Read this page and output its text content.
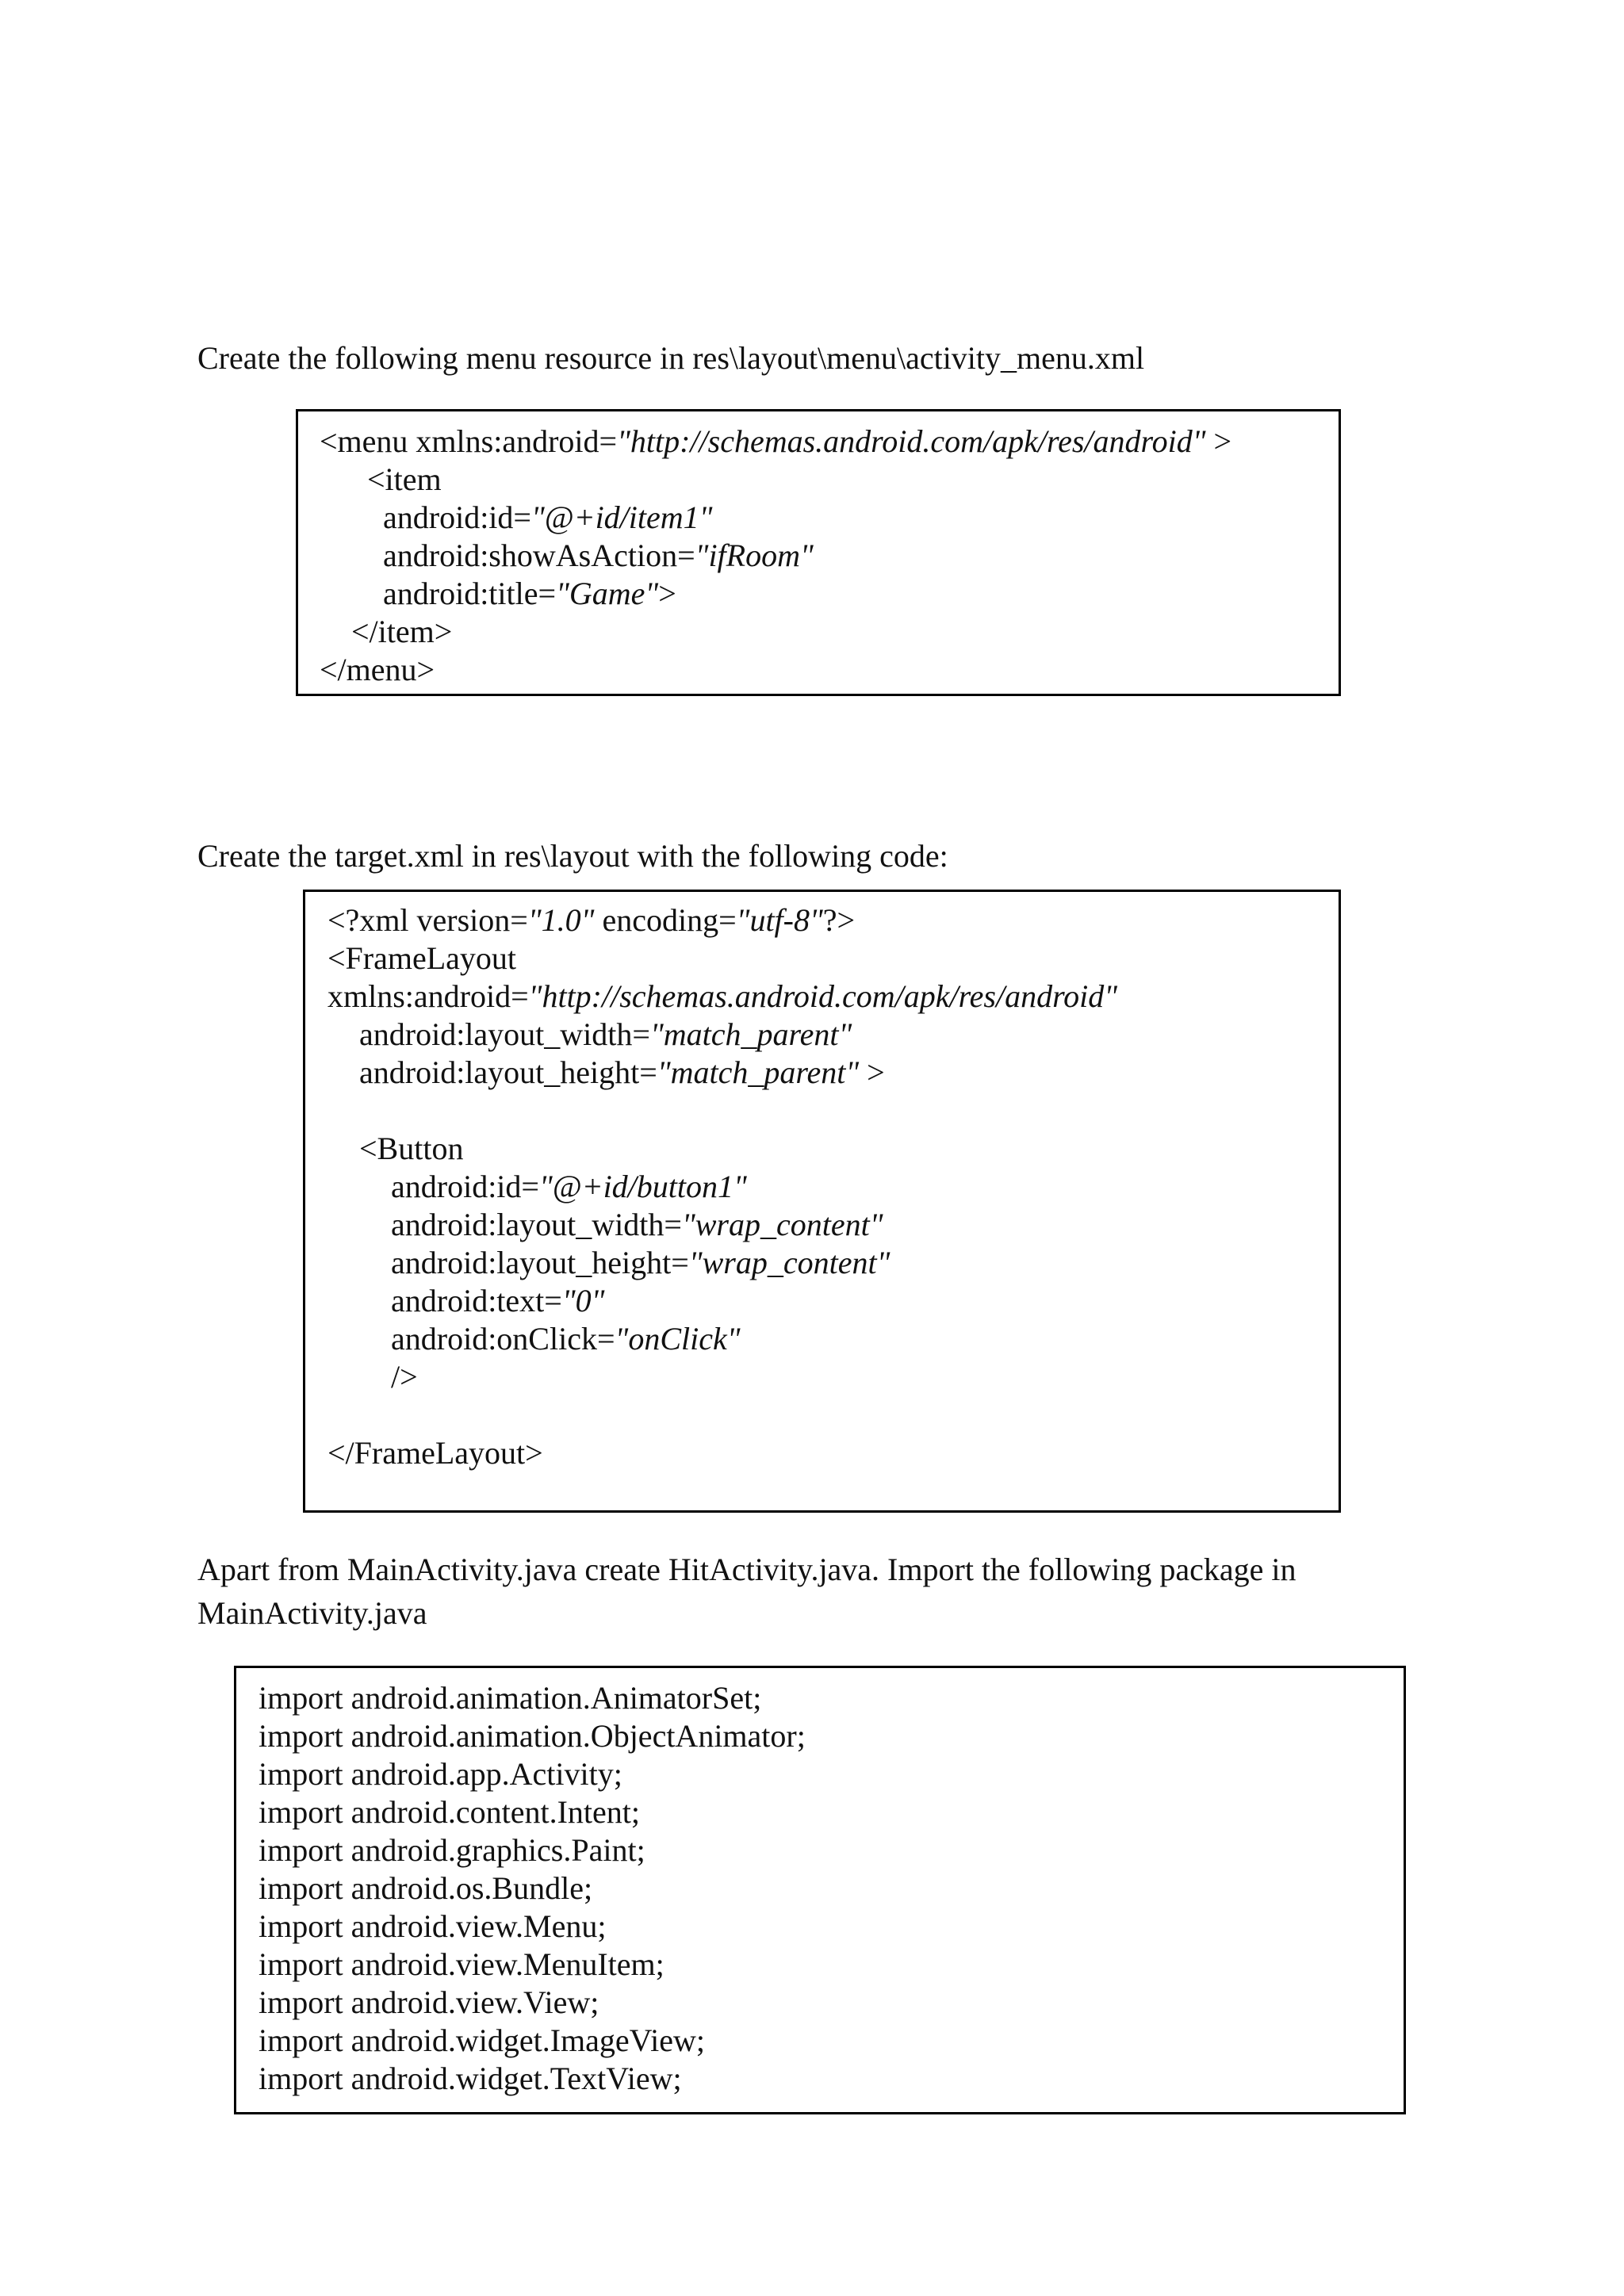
Create the following menu resource in res\layout\menu\activity_menu.xml

<menu xmlns:android="http://schemas.android.com/apk/res/android" >
<item
android:id="@+id/item1"
android:showAsAction="ifRoom"
android:title="Game">
</item>
</menu>

Create the target.xml in res\layout with the following code:

<?xml version="1.0" encoding="utf-8"?>
<FrameLayout
xmlns:android="http://schemas.android.com/apk/res/android"
android:layout_width="match_parent"
android:layout_height="match_parent" >
<Button
android:id="@+id/button1"
android:layout_width="wrap_content"
android:layout_height="wrap_content"
android:text="0"
android:onClick="onClick"
/>
</FrameLayout>

Apart from MainActivity.java create HitActivity.java. Import the following package in MainActivity.java

import android.animation.AnimatorSet;
import android.animation.ObjectAnimator;
import android.app.Activity;
import android.content.Intent;
import android.graphics.Paint;
import android.os.Bundle;
import android.view.Menu;
import android.view.MenuItem;
import android.view.View;
import android.widget.ImageView;
import android.widget.TextView;
